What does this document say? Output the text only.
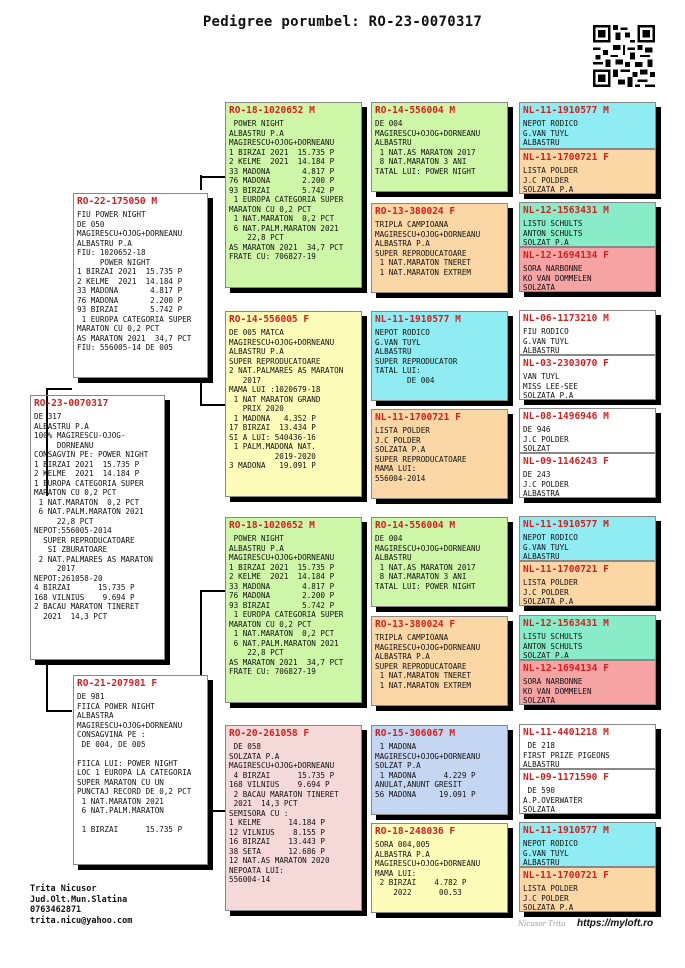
Pedigree porumbel: RO-23-0070317
RO-23-0070317
DE 317
ALBASTRU P.A
100% MAGIRESCU-OJOG-
DORNEANU
CONSAGVIN PE: POWER NIGHT
1 BIRZAI 2021  15.735 P
2 KELME  2021  14.184 P
1 EUROPA CATEGORIA SUPER
MARATON CU 0,2 PCT
1 NAT.MARATON  0,2 PCT
6 NAT.PALM.MARATON 2021
22,8 PCT
NEPOT:556005-2014
SUPER REPRODUCATOARE
SI ZBURATOARE
2 NAT.PALMARES AS MARATON
2017
NEPOT:261058-20
4 BIRZAI      15.735 P
168 VILNIUS    9.694 P
2 BACAU MARATON TINERET
2021  14,3 PCT
RO-22-175050 M
FIU POWER NIGHT
DE 050
MAGIRESCU+OJOG+DORNEANU
ALBASTRU P.A
FIU: 1020652-18
POWER NIGHT
1 BIRZAI 2021  15.735 P
2 KELME  2021  14.184 P
33 MADONA       4.817 P
76 MADONA       2.200 P
93 BIRZAI       5.742 P
1 EUROPA CATEGORIA SUPER
MARATON CU 0,2 PCT
AS MARATON 2021  34,7 PCT
FIU: 556005-14 DE 005
RO-21-207981 F
DE 981
FIICA POWER NIGHT
ALBASTRA
MAGIRESCU+OJOG+DORNEANU
CONSAGVINA PE :
DE 004, DE 005

FIICA LUI: POWER NIGHT
LOC 1 EUROPA LA CATEGORIA
SUPER MARATON CU UN
PUNCTAJ RECORD DE 0,2 PCT
1 NAT.MARATON 2021
6 NAT.PALM.MARATON

1 BIRZAI      15.735 P
RO-18-1020652 M
POWER NIGHT
ALBASTRU P.A
MAGIRESCU+OJOG+DORNEANU
1 BIRZAI 2021  15.735 P
2 KELME  2021  14.184 P
33 MADONA       4.817 P
76 MADONA       2.200 P
93 BIRZAI       5.742 P
1 EUROPA CATEGORIA SUPER
MARATON CU 0,2 PCT
1 NAT.MARATON  0,2 PCT
6 NAT.PALM.MARATON 2021
22,8 PCT
AS MARATON 2021  34,7 PCT
FRATE CU: 706827-19
RO-14-556005 F
DE 005 MATCA
MAGIRESCU+OJOG+DORNEANU
ALBASTRU P.A
SUPER REPRODUCATOARE
2 NAT.PALMARES AS MARATON
2017
MAMA LUI :1020679-18
1 NAT MARATON GRAND
PRIX 2020
1 MADONA   4.352 P
17 BIRZAI  13.434 P
SI A LUI: 540436-16
1 PALM.MADONA NAT.
2019-2020
3 MADONA   19.091 P
RO-18-1020652 M
POWER NIGHT
ALBASTRU P.A
MAGIRESCU+OJOG+DORNEANU
1 BIRZAI 2021  15.735 P
2 KELME  2021  14.184 P
33 MADONA       4.817 P
76 MADONA       2.200 P
93 BIRZAI       5.742 P
1 EUROPA CATEGORIA SUPER
MARATON CU 0,2 PCT
1 NAT.MARATON  0,2 PCT
6 NAT.PALM.MARATON 2021
22,8 PCT
AS MARATON 2021  34,7 PCT
FRATE CU: 706827-19
RO-20-261058 F
DE 058
SOLZATA P.A
MAGIRESCU+OJOG+DORNEANU
4 BIRZAI      15.735 P
168 VILNIUS    9.694 P
2 BACAU MARATON TINERET
2021  14,3 PCT
SEMISORA CU :
1 KELME      14.184 P
12 VILNIUS    8.155 P
16 BIRZAI    13.443 P
38 SETA      12.686 P
12 NAT.AS MARATON 2020
NEPOATA LUI:
556004-14
RO-14-556004 M
DE 004
MAGIRESCU+OJOG+DORNEANU
ALBASTRU
1 NAT.AS MARATON 2017
8 NAT.MARATON 3 ANI
TATAL LUI: POWER NIGHT
RO-13-380024 F
TRIPLA CAMPIOANA
MAGIRESCU+OJOG+DORNEANU
ALBASTRA P.A
SUPER REPRODUCATOARE
1 NAT.MARATON TNERET
1 NAT.MARATON EXTREM
NL-11-1910577 M
NEPOT RODICO
G.VAN TUYL
ALBASTRU
SUPER REPRODUCATOR
TATAL LUI:
DE 004
NL-11-1700721 F
LISTA POLDER
J.C POLDER
SOLZATA P.A
SUPER REPRODUCATOARE
MAMA LUI:
556004-2014
RO-14-556004 M
DE 004
MAGIRESCU+OJOG+DORNEANU
ALBASTRU
1 NAT.AS MARATON 2017
8 NAT.MARATON 3 ANI
TATAL LUI: POWER NIGHT
RO-13-380024 F
TRIPLA CAMPIOANA
MAGIRESCU+OJOG+DORNEANU
ALBASTRA P.A
SUPER REPRODUCATOARE
1 NAT.MARATON TNERET
1 NAT.MARATON EXTREM
RO-15-306067 M
1 MADONA
MAGIRESCU+OJOG+DORNEANU
SOLZAT P.A
1 MADONA      4.229 P
ANULAT,ANUNT GRESIT
56 MADONA     19.091 P
RO-18-248036 F
SORA 004,005
ALBASTRA P.A
MAGIRESCU+OJOG+DORNEANU
MAMA LUI:
2 BIRZAI    4.782 P
2022      00.53
NL-11-1910577 M
NEPOT RODICO
G.VAN TUYL
ALBASTRU
NL-11-1700721 F
LISTA POLDER
J.C POLDER
SOLZATA P.A
NL-12-1563431 M
LISTU SCHULTS
ANTON SCHULTS
SOLZAT P.A
NL-12-1694134 F
SORA NARBONNE
KO VAN DOMMELEN
SOLZATA
NL-06-1173210 M
FIU RODICO
G.VAN TUYL
ALBASTRU
NL-03-2303070 F
VAN TUYL
MISS LEE-SEE
SOLZATA P.A
NL-08-1496946 M
DE 946
J.C POLDER
SOLZAT
NL-09-1146243 F
DE 243
J.C POLDER
ALBASTRA
NL-11-1910577 M
NEPOT RODICO
G.VAN TUYL
ALBASTRU
NL-11-1700721 F
LISTA POLDER
J.C POLDER
SOLZATA P.A
NL-12-1563431 M
LISTU SCHULTS
ANTON SCHULTS
SOLZAT P.A
NL-12-1694134 F
SORA NARBONNE
KO VAN DOMMELEN
SOLZATA
NL-11-4401218 M
DE 218
FIRST PRIZE PIGEONS
ALBASTRU
NL-09-1171590 F
DE 590
A.P.OVERWATER
SOLZATA
NL-11-1910577 M
NEPOT RODICO
G.VAN TUYL
ALBASTRU
NL-11-1700721 F
LISTA POLDER
J.C POLDER
SOLZATA P.A
Trita Nicusor
Jud.Olt.Mun.Slatina
0763462871
trita.nicu@yahoo.com	Nicusor Trita https://myloft.ro
